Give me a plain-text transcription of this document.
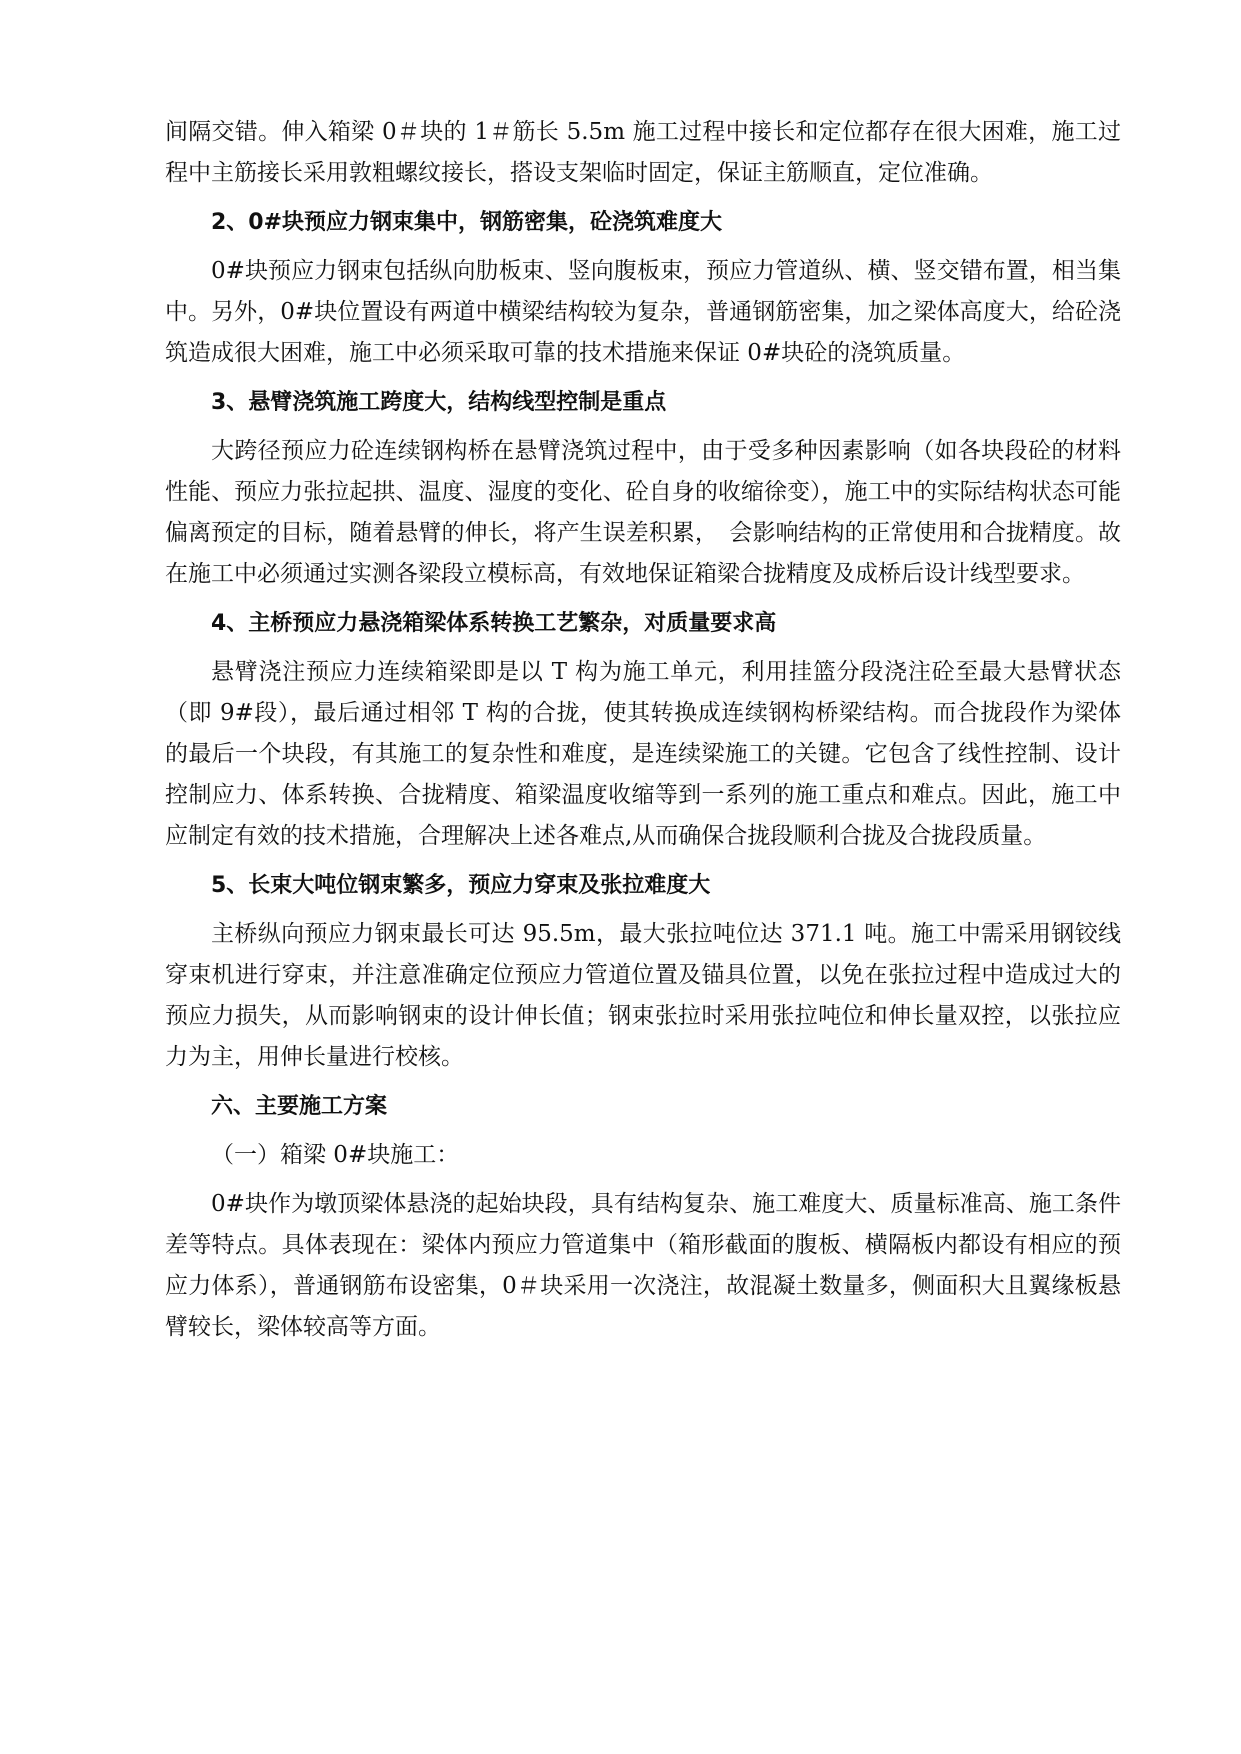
间隔交错。伸入箱梁 0＃块的 1＃筋长 5.5m 施工过程中接长和定位都存在很大困难，施工过程中主筋接长采用敦粗螺纹接长，搭设支架临时固定，保证主筋顺直，定位准确。

2、0#块预应力钢束集中，钢筋密集，砼浇筑难度大

0#块预应力钢束包括纵向肋板束、竖向腹板束，预应力管道纵、横、竖交错布置，相当集中。另外，0#块位置设有两道中横梁结构较为复杂，普通钢筋密集，加之梁体高度大，给砼浇筑造成很大困难，施工中必须采取可靠的技术措施来保证 0#块砼的浇筑质量。

3、悬臂浇筑施工跨度大，结构线型控制是重点

大跨径预应力砼连续钢构桥在悬臂浇筑过程中，由于受多种因素影响（如各块段砼的材料性能、预应力张拉起拱、温度、湿度的变化、砼自身的收缩徐变），施工中的实际结构状态可能偏离预定的目标，随着悬臂的伸长，将产生误差积累，　会影响结构的正常使用和合拢精度。故在施工中必须通过实测各梁段立模标高，有效地保证箱梁合拢精度及成桥后设计线型要求。

4、主桥预应力悬浇箱梁体系转换工艺繁杂，对质量要求高

悬臂浇注预应力连续箱梁即是以 T 构为施工单元，利用挂篮分段浇注砼至最大悬臂状态（即 9#段），最后通过相邻 T 构的合拢，使其转换成连续钢构桥梁结构。而合拢段作为梁体的最后一个块段，有其施工的复杂性和难度，是连续梁施工的关键。它包含了线性控制、设计控制应力、体系转换、合拢精度、箱梁温度收缩等到一系列的施工重点和难点。因此，施工中应制定有效的技术措施，合理解决上述各难点,从而确保合拢段顺利合拢及合拢段质量。

5、长束大吨位钢束繁多，预应力穿束及张拉难度大

主桥纵向预应力钢束最长可达 95.5m，最大张拉吨位达 371.1 吨。施工中需采用钢铰线穿束机进行穿束，并注意准确定位预应力管道位置及锚具位置，以免在张拉过程中造成过大的预应力损失，从而影响钢束的设计伸长值；钢束张拉时采用张拉吨位和伸长量双控，以张拉应力为主，用伸长量进行校核。

六、主要施工方案

（一）箱梁 0#块施工：

0#块作为墩顶梁体悬浇的起始块段，具有结构复杂、施工难度大、质量标准高、施工条件差等特点。具体表现在：梁体内预应力管道集中（箱形截面的腹板、横隔板内都设有相应的预应力体系），普通钢筋布设密集，0＃块采用一次浇注，故混凝土数量多，侧面积大且翼缘板悬臂较长，梁体较高等方面。
